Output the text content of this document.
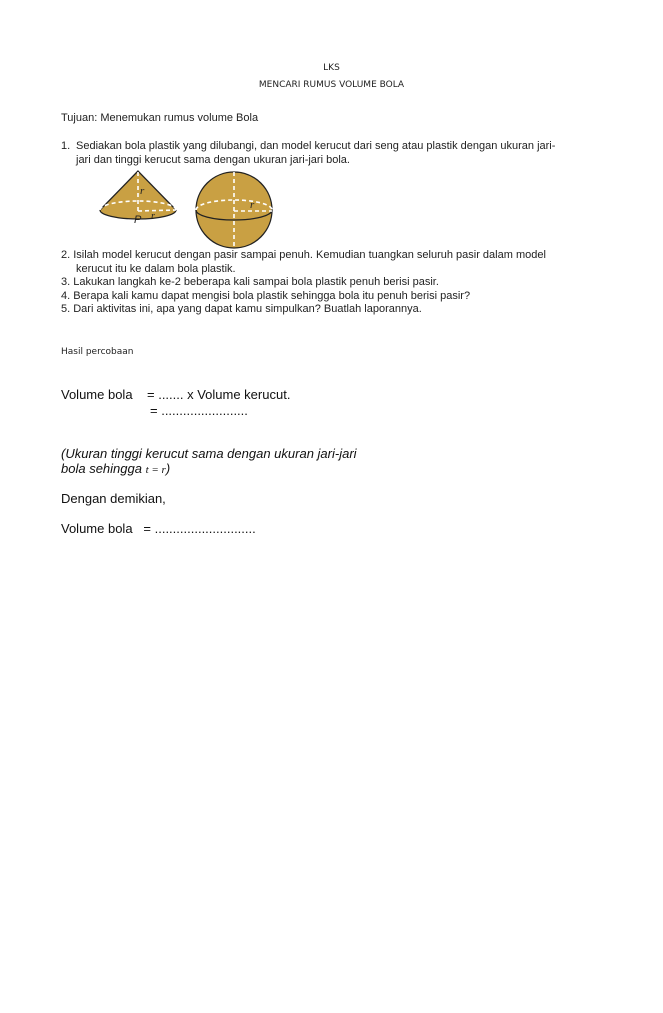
LKS
MENCARI RUMUS VOLUME BOLA
Tujuan: Menemukan rumus volume Bola
1. Sediakan bola plastik yang dilubangi, dan model kerucut dari seng atau plastik dengan ukuran jari-
jari dan tinggi kerucut sama dengan ukuran jari-jari bola.
r
P r
r
2. Isilah model kerucut dengan pasir sampai penuh. Kemudian tuangkan seluruh pasir dalam model
kerucut itu ke dalam bola plastik.
3. Lakukan langkah ke-2 beberapa kali sampai bola plastik penuh berisi pasir.
4. Berapa kali kamu dapat mengisi bola plastik sehingga bola itu penuh berisi pasir?
5. Dari aktivitas ini, apa yang dapat kamu simpulkan? Buatlah laporannya.
Hasil percobaan
Volume bola = ....... x Volume kerucut.
= ........................
(Ukuran tinggi kerucut sama dengan ukuran jari-jari
bola sehingga t = r)
Dengan demikian,
Volume bola = ............................
